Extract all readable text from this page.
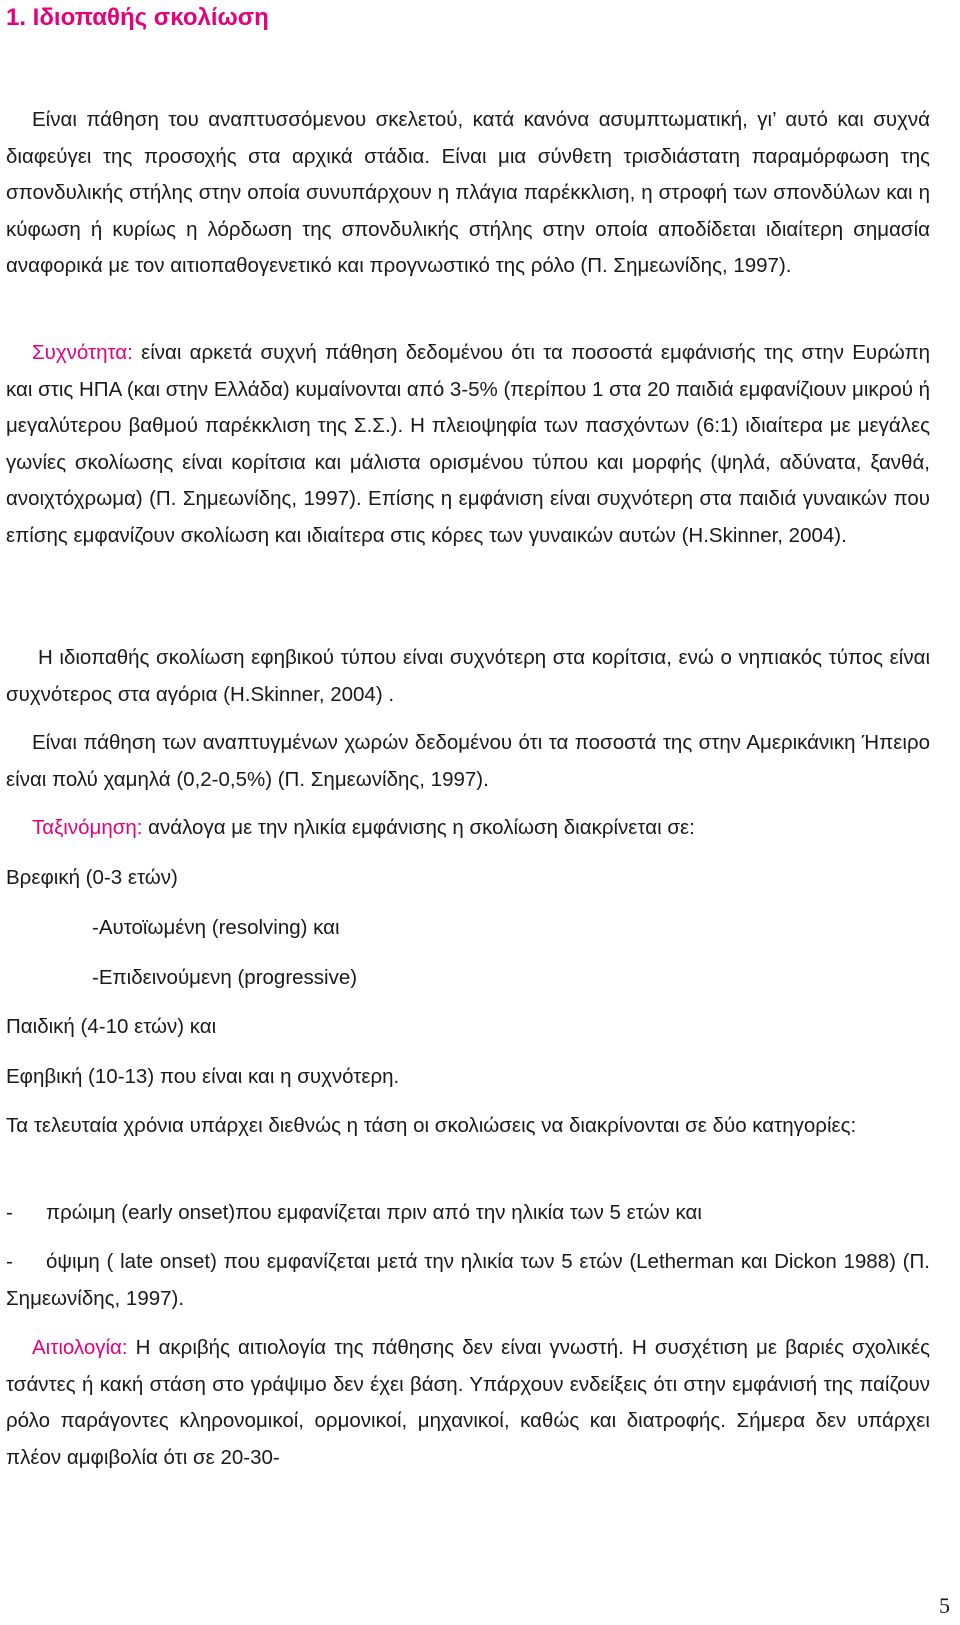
1. Ιδιοπαθής σκολίωση

Είναι πάθηση του αναπτυσσόμενου σκελετού, κατά κανόνα ασυμπτωματική, γι’ αυτό και συχνά διαφεύγει της προσοχής στα αρχικά στάδια. Είναι μια σύνθετη τρισδιάστατη παραμόρφωση της σπονδυλικής στήλης στην οποία συνυπάρχουν η πλάγια παρέκκλιση, η στροφή των σπονδύλων και η κύφωση ή κυρίως η λόρδωση της σπονδυλικής στήλης στην οποία αποδίδεται ιδιαίτερη σημασία αναφορικά με τον αιτιοπαθογενετικό και προγνωστικό της ρόλο (Π. Σημεωνίδης, 1997).

Συχνότητα: είναι αρκετά συχνή πάθηση δεδομένου ότι τα ποσοστά εμφάνισής της στην Ευρώπη και στις ΗΠΑ (και στην Ελλάδα) κυμαίνονται από 3-5% (περίπου 1 στα 20 παιδιά εμφανίζιουν μικρού ή μεγαλύτερου βαθμού παρέκκλιση της Σ.Σ.). Η πλειοψηφία των πασχόντων (6:1) ιδιαίτερα με μεγάλες γωνίες σκολίωσης είναι κορίτσια και μάλιστα ορισμένου τύπου και μορφής (ψηλά, αδύνατα, ξανθά, ανοιχτόχρωμα) (Π. Σημεωνίδης, 1997). Επίσης η εμφάνιση είναι συχνότερη στα παιδιά γυναικών που επίσης εμφανίζουν σκολίωση και ιδιαίτερα στις κόρες των γυναικών αυτών (H.Skinner, 2004).

Η ιδιοπαθής σκολίωση εφηβικού τύπου είναι συχνότερη στα κορίτσια, ενώ ο νηπιακός τύπος είναι συχνότερος στα αγόρια (H.Skinner, 2004) .

Είναι πάθηση των αναπτυγμένων χωρών δεδομένου ότι τα ποσοστά της στην Αμερικάνικη Ήπειρο είναι πολύ χαμηλά (0,2-0,5%) (Π. Σημεωνίδης, 1997).

Ταξινόμηση: ανάλογα με την ηλικία εμφάνισης η σκολίωση διακρίνεται σε:

Βρεφική (0-3 ετών)

-Αυτοϊωμένη (resolving) και

-Επιδεινούμενη (progressive)

Παιδική (4-10 ετών) και

Εφηβική (10-13) που είναι και η συχνότερη.

Τα τελευταία χρόνια υπάρχει διεθνώς η τάση οι σκολιώσεις να διακρίνονται σε δύο κατηγορίες:

- πρώιμη (early onset)που εμφανίζεται πριν από την ηλικία των 5 ετών και

- όψιμη ( late onset) που εμφανίζεται μετά την ηλικία των 5 ετών (Letherman και Dickon 1988) (Π. Σημεωνίδης, 1997).

Αιτιολογία: Η ακριβής αιτιολογία της πάθησης δεν είναι γνωστή. Η συσχέτιση με βαριές σχολικές τσάντες ή κακή στάση στο γράψιμο δεν έχει βάση. Υπάρχουν ενδείξεις ότι στην εμφάνισή της παίζουν ρόλο παράγοντες κληρονομικοί, ορμονικοί, μηχανικοί, καθώς και διατροφής. Σήμερα δεν υπάρχει πλέον αμφιβολία ότι σε 20-30-

5
